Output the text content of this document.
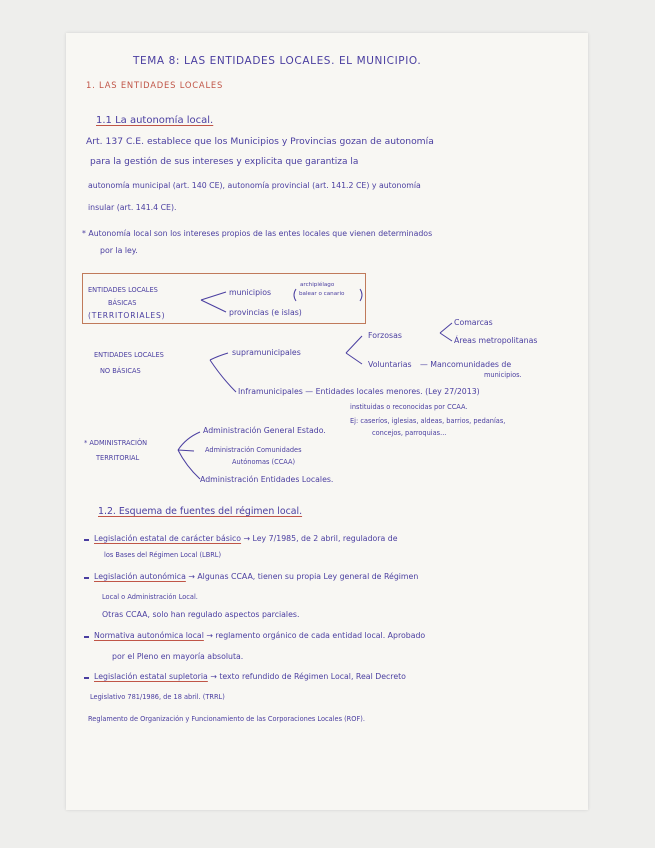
TEMA 8: LAS ENTIDADES LOCALES. EL MUNICIPIO.
1. LAS ENTIDADES LOCALES
1.1 La autonomía local.
Art. 137 C.E. establece que los Municipios y Provincias gozan de autonomía
para la gestión de sus intereses y explicita que garantiza la
autonomía municipal (art. 140 CE), autonomía provincial (art. 141.2 CE) y autonomía
insular (art. 141.4 CE).
* Autonomía local son los intereses propios de las entes locales que vienen determinados
por la ley.
ENTIDADES LOCALES
BÁSICAS
(TERRITORIALES)
municipios
archipiélago
balear o canario
provincias (e islas)
ENTIDADES LOCALES
NO BÁSICAS
supramunicipales
Forzosas
Comarcas
Áreas metropolitanas
Voluntarias — Mancomunidades de
municipios.
Inframunicipales — Entidades locales menores. (Ley 27/2013)
instituidas o reconocidas por CCAA.
Ej: caseríos, iglesias, aldeas, barrios, pedanías,
concejos, parroquias...
* ADMINISTRACIÓN
TERRITORIAL
Administración General Estado.
Administración Comunidades
Autónomas (CCAA)
Administración Entidades Locales.
1.2. Esquema de fuentes del régimen local.
Legislación estatal de carácter básico → Ley 7/1985, de 2 abril, reguladora de
los Bases del Régimen Local (LBRL)
Legislación autonómica → Algunas CCAA, tienen su propia Ley general de Régimen
Local o Administración Local.
Otras CCAA, solo han regulado aspectos parciales.
Normativa autonómica local → reglamento orgánico de cada entidad local. Aprobado
por el Pleno en mayoría absoluta.
Legislación estatal supletoria → texto refundido de Régimen Local, Real Decreto
Legislativo 781/1986, de 18 abril. (TRRL)
Reglamento de Organización y Funcionamiento de las Corporaciones Locales (ROF).
